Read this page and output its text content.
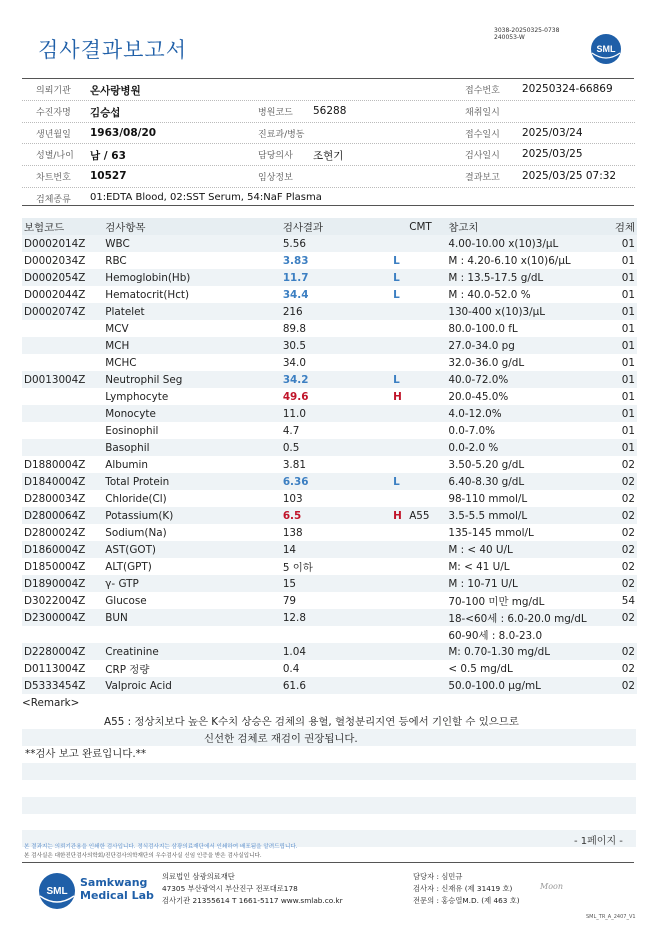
검사결과보고서
3038-20250325-0738
240053-W
SML
의뢰기관 온사랑병원	접수번호 20250324-66869
수진자명 김승섭	병원코드 56288	채취일시
생년월일 1963/08/20	진료과/병동	접수일시 2025/03/24
성별/나이 남 / 63	담당의사 조현기	검사일시 2025/03/25
차트번호 10527	임상정보	결과보고 2025/03/25 07:32
검체종류 01:EDTA Blood, 02:SST Serum, 54:NaF Plasma
보험코드	검사항목	검사결과		CMT	참고치	검체
D0002014Z	WBC	5.56			4.00-10.00 x(10)3/μL	01
D0002034Z	RBC	3.83	L		M : 4.20-6.10 x(10)6/μL	01
D0002054Z	Hemoglobin(Hb)	11.7	L		M : 13.5-17.5 g/dL	01
D0002044Z	Hematocrit(Hct)	34.4	L		M : 40.0-52.0 %	01
D0002074Z	Platelet	216			130-400 x(10)3/μL	01
	MCV	89.8			80.0-100.0 fL	01
	MCH	30.5			27.0-34.0 pg	01
	MCHC	34.0			32.0-36.0 g/dL	01
D0013004Z	Neutrophil Seg	34.2	L		40.0-72.0%	01
	Lymphocyte	49.6	H		20.0-45.0%	01
	Monocyte	11.0			4.0-12.0%	01
	Eosinophil	4.7			0.0-7.0%	01
	Basophil	0.5			0.0-2.0 %	01
D1880004Z	Albumin	3.81			3.50-5.20 g/dL	02
D1840004Z	Total Protein	6.36	L		6.40-8.30 g/dL	02
D2800034Z	Chloride(Cl)	103			98-110 mmol/L	02
D2800064Z	Potassium(K)	6.5	H	A55	3.5-5.5 mmol/L	02
D2800024Z	Sodium(Na)	138			135-145 mmol/L	02
D1860004Z	AST(GOT)	14			M : < 40 U/L	02
D1850004Z	ALT(GPT)	5 이하			M: < 41 U/L	02
D1890004Z	γ- GTP	15			M : 10-71 U/L	02
D3022004Z	Glucose	79			70-100 미만 mg/dL	54
D2300004Z	BUN	12.8			18-<60세 : 6.0-20.0 mg/dL	02
					60-90세 : 8.0-23.0	
D2280004Z	Creatinine	1.04			M: 0.70-1.30 mg/dL	02
D0113004Z	CRP 정량	0.4			< 0.5 mg/dL	02
D5333454Z	Valproic Acid	61.6			50.0-100.0 μg/mL	02
<Remark>
A55 : 정상치보다 높은 K수치 상승은 검체의 용혈, 혈청분리지연 등에서 기인할 수 있으므로
신선한 검체로 재검이 권장됩니다.
**검사 보고 완료입니다.**
본 결과지는 의뢰기관용을 인쇄한 검사입니다. 정식검사지는 삼광의료재단에서 인쇄하여 배포됨을 알려드립니다.
본 검사실은 대한진단검사의학회/진단검사의학재단의 우수검사실 신임 인증을 받은 검사실입니다.
- 1페이지 -
SML
Samkwang
Medical Lab
의료법인 삼광의료재단
47305 부산광역시 부산진구 전포대로178
검사기관 21355614 T 1661-5117 www.smlab.co.kr
담당자 : 심민규
검사자 : 신재유 (제 31419 호)
전문의 : 홍승열M.D. (제 463 호)
Moon
SML_TR_A_2407_V1
